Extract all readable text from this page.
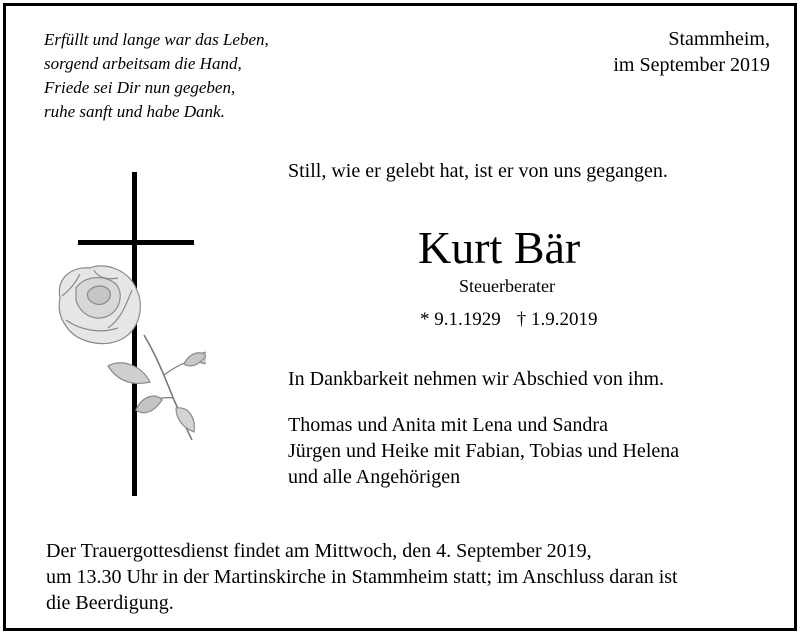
Erfüllt und lange war das Leben,
sorgend arbeitsam die Hand,
Friede sei Dir nun gegeben,
ruhe sanft und habe Dank.
Stammheim,
im September 2019
Still, wie er gelebt hat, ist er von uns gegangen.
Kurt Bär
Steuerberater
* 9.1.1929 † 1.9.2019
In Dankbarkeit nehmen wir Abschied von ihm.
Thomas und Anita mit Lena und Sandra
Jürgen und Heike mit Fabian, Tobias und Helena
und alle Angehörigen
Der Trauergottesdienst findet am Mittwoch, den 4. September 2019,
um 13.30 Uhr in der Martinskirche in Stammheim statt; im Anschluss daran ist
die Beerdigung.
